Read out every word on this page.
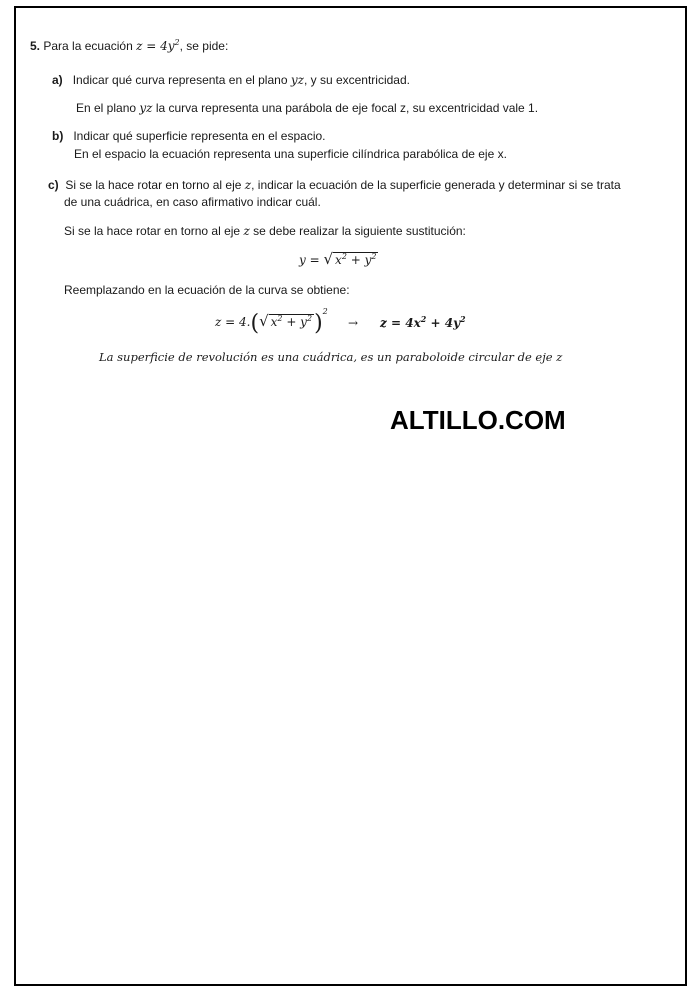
5. Para la ecuación $z = 4y^2$, se pide:
a) Indicar qué curva representa en el plano yz, y su excentricidad.
En el plano yz la curva representa una parábola de eje focal z, su excentricidad vale 1.
b) Indicar qué superficie representa en el espacio.
En el espacio la ecuación representa una superficie cilíndrica parabólica de eje x.
c) Si se la hace rotar en torno al eje z, indicar la ecuación de la superficie generada y determinar si se trata
de una cuádrica, en caso afirmativo indicar cuál.
Si se la hace rotar en torno al eje z se debe realizar la siguiente sustitución:
y = √ $x^2 + y^2$
Reemplazando en la ecuación de la curva se obtiene:
z = 4.(√ $x^2 + y^2)^2$
→ $z = 4x^2 + 4y^2$
La superficie de revolución es una cuádrica, es un paraboloide circular de eje z
ALTILLO.COM
